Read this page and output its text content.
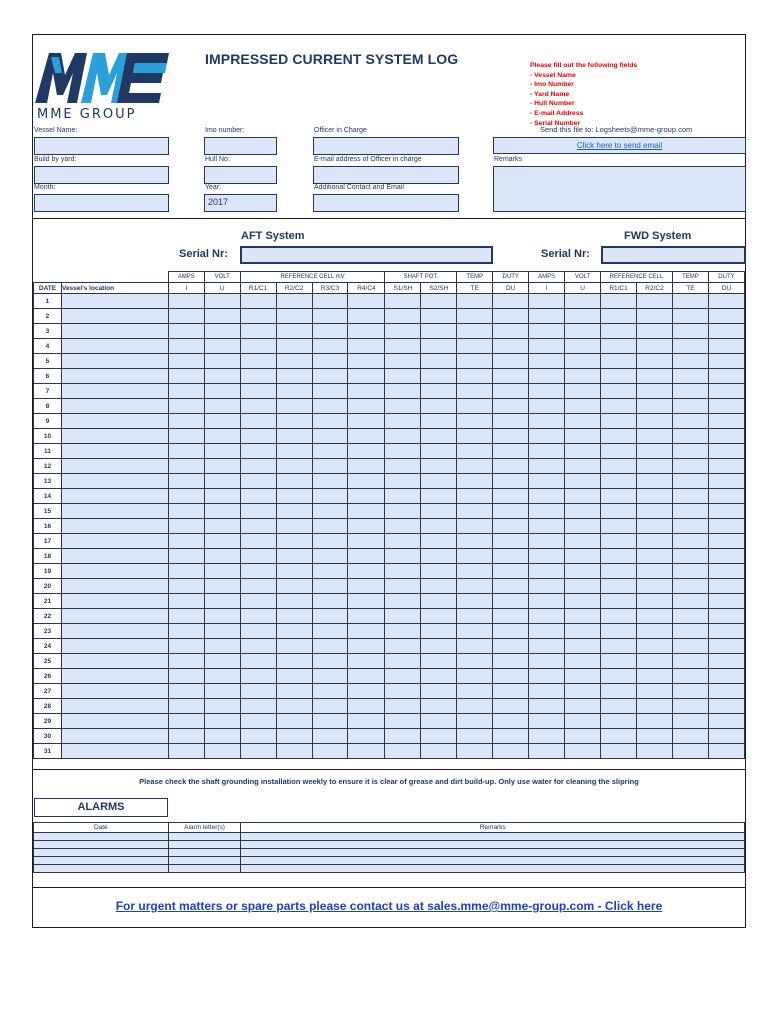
MME GROUP
IMPRESSED CURRENT SYSTEM LOG	Please fill out the following fields
- Vessel Name
- Imo Number
- Yard Name
- Hull Number
- E-mail Address
- Serial Number
Send this file to: Logsheets@mme-group.com
Click here to send email
Vessel Name:	Imo number:	Officer in Charge
Build by yard:	Hull No:	E-mail address of Officer in charge	Remarks
Month:	Year:
2017
Additional Contact and Email
AFT System	FWD System
Serial Nr:	Serial Nr:
		AMPS	VOLT	REFERENCE CELL mV				SHAFT POT.		TEMP	DUTY	AMPS	VOLT	REFERENCE CELL		TEMP	DUTY
DATE	Vessel's location	I	U	R1/C1	R2/C2	R3/C3	R4/C4	S1/SH	S2/SH	TE	DU	I	U	R1/C1	R2/C2	TE	DU
1																	
2																	
3																	
4																	
5																	
6																	
7																	
8																	
9																	
10																	
11																	
12																	
13																	
14																	
15																	
16																	
17																	
18																	
19																	
20																	
21																	
22																	
23																	
24																	
25																	
26																	
27																	
28																	
29																	
30																	
31																	
Please check the shaft grounding installation weekly to ensure it is clear of grease and dirt build-up. Only use water for cleaning the slipring
ALARMS
Date	Alarm letter(s)	Remarks

For urgent matters or spare parts please contact us at sales.mme@mme-group.com - Click here
